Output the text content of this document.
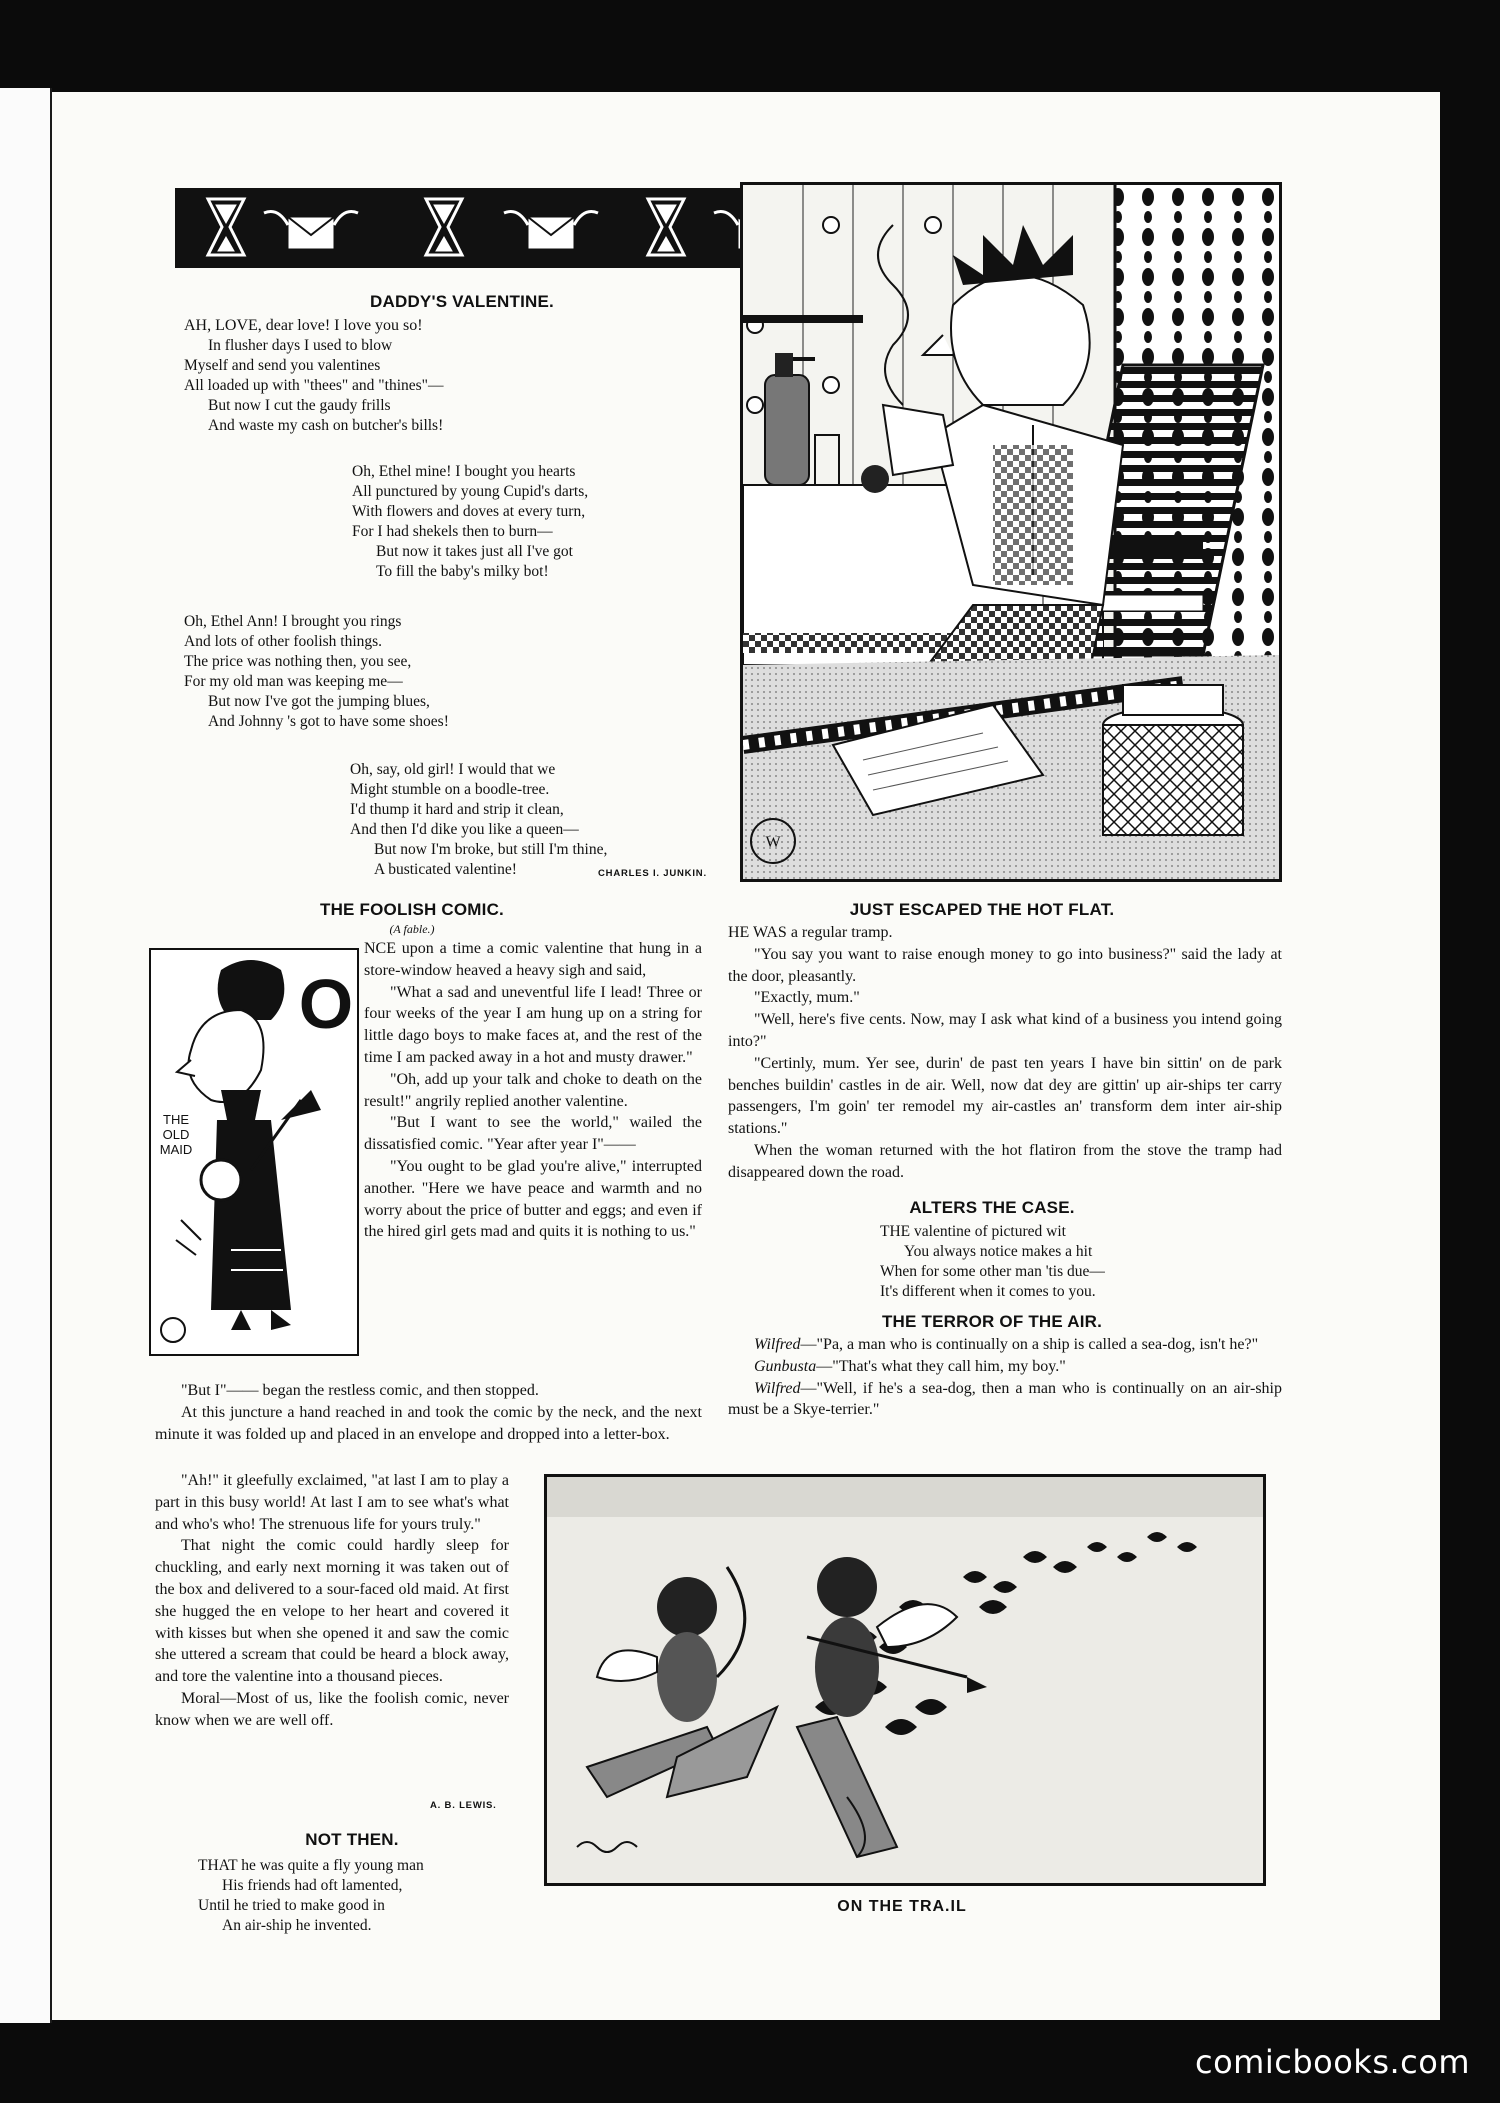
DADDY'S VALENTINE.

AH, LOVE, dear love! I love you so!

In flusher days I used to blow

Myself and send you valentines

All loaded up with "thees" and "thines"—

But now I cut the gaudy frills

And waste my cash on butcher's bills!

Oh, Ethel mine! I bought you hearts

All punctured by young Cupid's darts,

With flowers and doves at every turn,

For I had shekels then to burn—

But now it takes just all I've got

To fill the baby's milky bot!

Oh, Ethel Ann! I brought you rings

And lots of other foolish things.

The price was nothing then, you see,

For my old man was keeping me—

But now I've got the jumping blues,

And Johnny 's got to have some shoes!

Oh, say, old girl! I would that we

Might stumble on a boodle-tree.

I'd thump it hard and strip it clean,

And then I'd dike you like a queen—

But now I'm broke, but still I'm thine,

A busticated valentine!	CHARLES I. JUNKIN.
W
THE FOOLISH COMIC.
(A fable.)
O
THE OLD MAID

NCE upon a time a comic valentine that hung in a store-window heaved a heavy sigh and said,

"What a sad and uneventful life I lead! Three or four weeks of the year I am hung up on a string for little dago boys to make faces at, and the rest of the time I am packed away in a hot and musty drawer."

"Oh, add up your talk and choke to death on the result!" angrily replied another valentine.

"But I want to see the world," wailed the dissatisfied comic. "Year after year I"——

"You ought to be glad you're alive," interrupted another. "Here we have peace and warmth and no worry about the price of butter and eggs; and even if the hired girl gets mad and quits it is nothing to us."

"But I"—— began the restless comic, and then stopped.

At this juncture a hand reached in and took the comic by the neck, and the next minute it was folded up and placed in an envelope and dropped into a letter-box.

"Ah!" it gleefully exclaimed, "at last I am to play a part in this busy world! At last I am to see what's what and who's who! The strenuous life for yours truly."

That night the comic could hardly sleep for chuckling, and early next morning it was taken out of the box and delivered to a sour-faced old maid. At first she hugged the en velope to her heart and covered it with kisses but when she opened it and saw the comic she uttered a scream that could be heard a block away, and tore the valentine into a thousand pieces.

Moral—Most of us, like the foolish comic, never know when we are well off.

A. B. LEWIS.
NOT THEN.

THAT he was quite a fly young man

His friends had oft lamented,

Until he tried to make good in

An air-ship he invented.

JUST ESCAPED THE HOT FLAT.

HE WAS a regular tramp.

"You say you want to raise enough money to go into business?" said the lady at the door, pleasantly.

"Exactly, mum."

"Well, here's five cents. Now, may I ask what kind of a business you intend going into?"

"Certinly, mum. Yer see, durin' de past ten years I have bin sittin' on de park benches buildin' castles in de air. Well, now dat dey are gittin' up air-ships ter carry passengers, I'm goin' ter remodel my air-castles an' transform dem inter air-ship stations."

When the woman returned with the hot flatiron from the stove the tramp had disappeared down the road.

ALTERS THE CASE.

THE valentine of pictured wit

You always notice makes a hit

When for some other man 'tis due—

It's different when it comes to you.

THE TERROR OF THE AIR.

Wilfred—"Pa, a man who is continually on a ship is called a sea-dog, isn't he?"

Gunbusta—"That's what they call him, my boy."

Wilfred—"Well, if he's a sea-dog, then a man who is continually on an air-ship must be a Skye-terrier."

ON THE TRA.IL
comicbooks.com
